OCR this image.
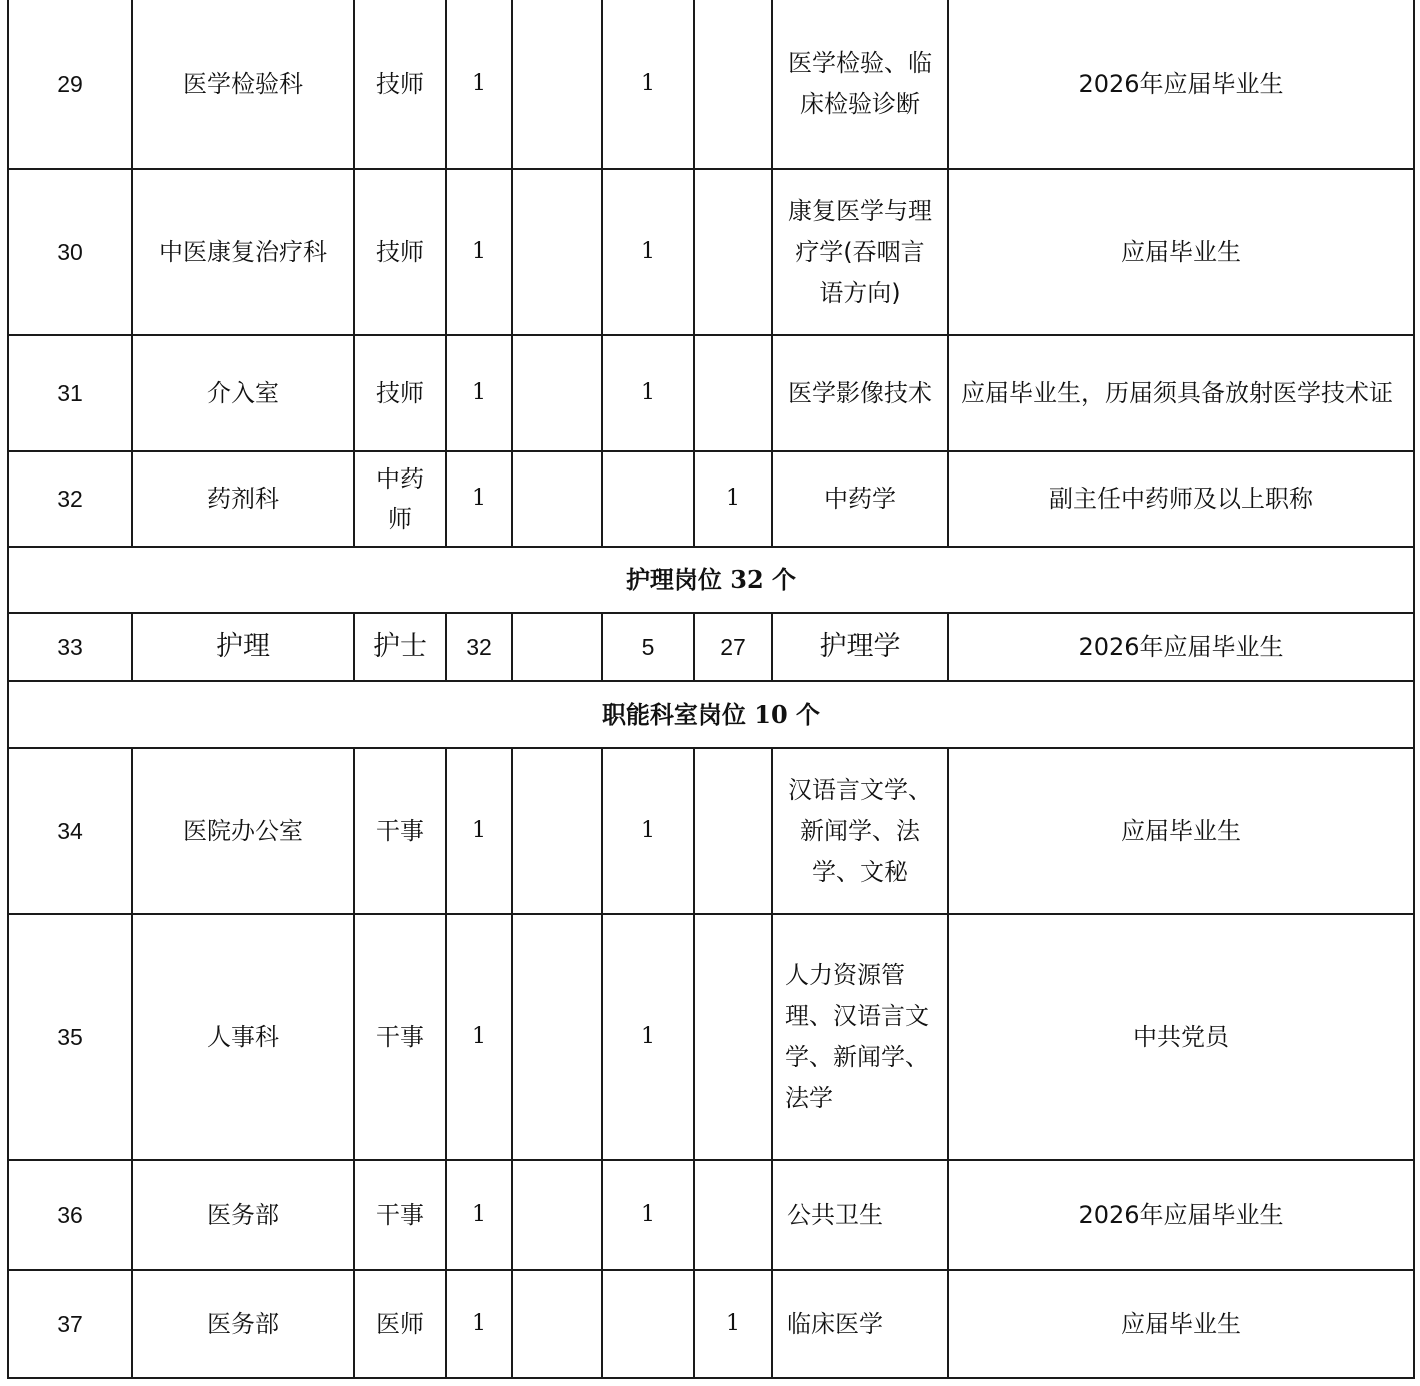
29	医学检验科	技师	1		1		医学检验、临床检验诊断	2026年应届毕业生
30	中医康复治疗科	技师	1		1		康复医学与理疗学(吞咽言语方向)	应届毕业生
31	介入室	技师	1		1		医学影像技术	应届毕业生，历届须具备放射医学技术证
32	药剂科	中药师	1			1	中药学	副主任中药师及以上职称
护理岗位 32 个								
33	护理	护士	32		5	27	护理学	2026年应届毕业生
职能科室岗位 10 个								
34	医院办公室	干事	1		1		汉语言文学、新闻学、法学、文秘	应届毕业生
35	人事科	干事	1		1		人力资源管理、汉语言文学、新闻学、法学	中共党员
36	医务部	干事	1		1		公共卫生	2026年应届毕业生
37	医务部	医师	1			1	临床医学	应届毕业生
